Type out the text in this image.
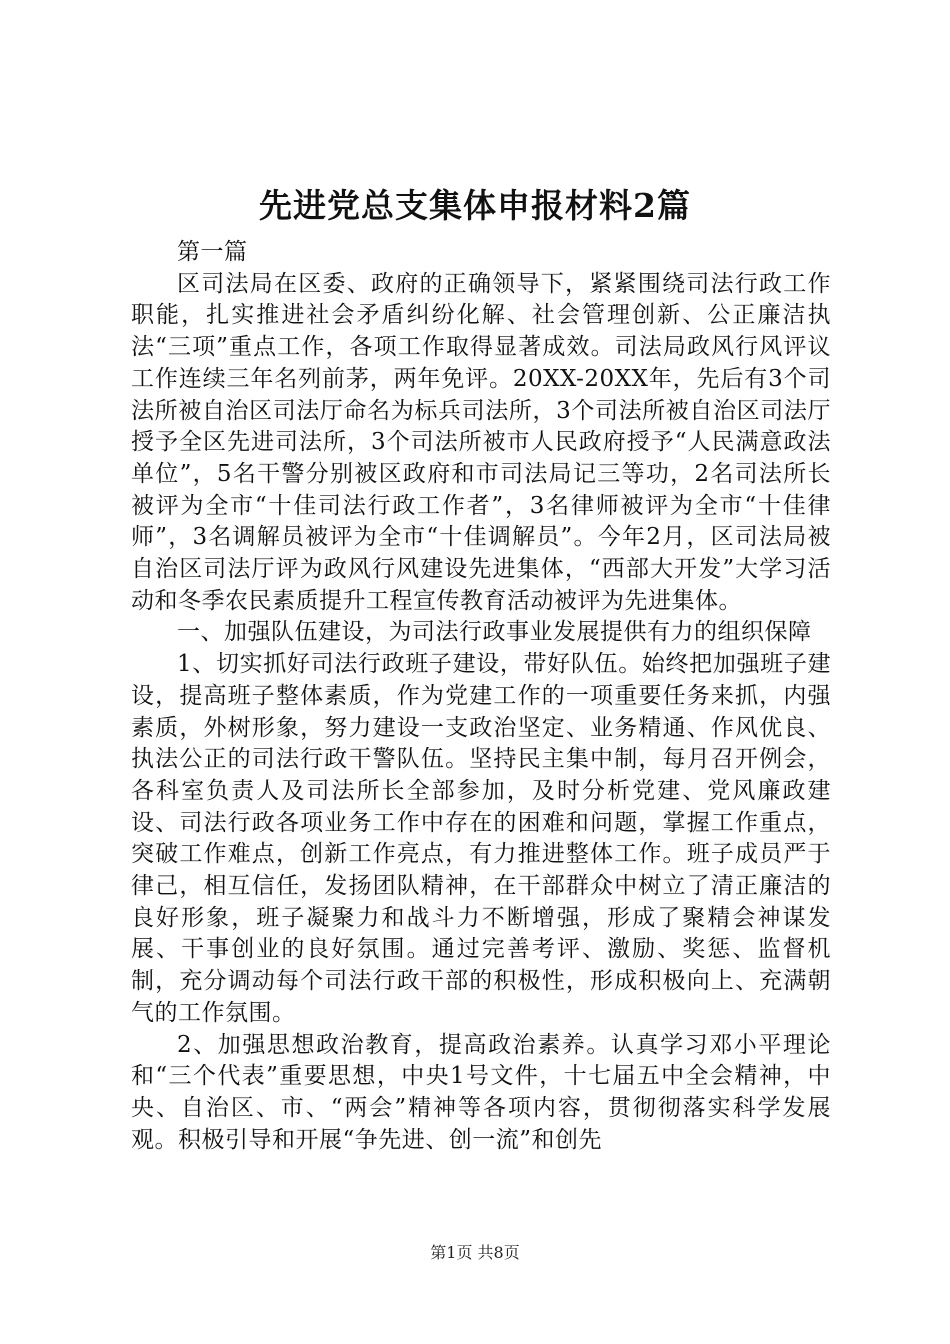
先进党总支集体申报材料2篇

第一篇

区司法局在区委、政府的正确领导下，紧紧围绕司法行政工作职能，扎实推进社会矛盾纠纷化解、社会管理创新、公正廉洁执法“三项”重点工作，各项工作取得显著成效。司法局政风行风评议工作连续三年名列前茅，两年免评。20XX-20XX年，先后有3个司法所被自治区司法厅命名为标兵司法所，3个司法所被自治区司法厅授予全区先进司法所，3个司法所被市人民政府授予“人民满意政法单位”，5名干警分别被区政府和市司法局记三等功，2名司法所长被评为全市“十佳司法行政工作者”，3名律师被评为全市“十佳律师”，3名调解员被评为全市“十佳调解员”。今年2月，区司法局被自治区司法厅评为政风行风建设先进集体，“西部大开发”大学习活动和冬季农民素质提升工程宣传教育活动被评为先进集体。

一、加强队伍建设，为司法行政事业发展提供有力的组织保障

1、切实抓好司法行政班子建设，带好队伍。始终把加强班子建设，提高班子整体素质，作为党建工作的一项重要任务来抓，内强素质，外树形象，努力建设一支政治坚定、业务精通、作风优良、执法公正的司法行政干警队伍。坚持民主集中制，每月召开例会，各科室负责人及司法所长全部参加，及时分析党建、党风廉政建设、司法行政各项业务工作中存在的困难和问题，掌握工作重点，突破工作难点，创新工作亮点，有力推进整体工作。班子成员严于律己，相互信任，发扬团队精神，在干部群众中树立了清正廉洁的良好形象，班子凝聚力和战斗力不断增强，形成了聚精会神谋发展、干事创业的良好氛围。通过完善考评、激励、奖惩、监督机制，充分调动每个司法行政干部的积极性，形成积极向上、充满朝气的工作氛围。

2、加强思想政治教育，提高政治素养。认真学习邓小平理论和“三个代表”重要思想，中央1号文件，十七届五中全会精神，中央、自治区、市、“两会”精神等各项内容，贯彻彻落实科学发展观。积极引导和开展“争先进、创一流”和创先

第1页 共8页
